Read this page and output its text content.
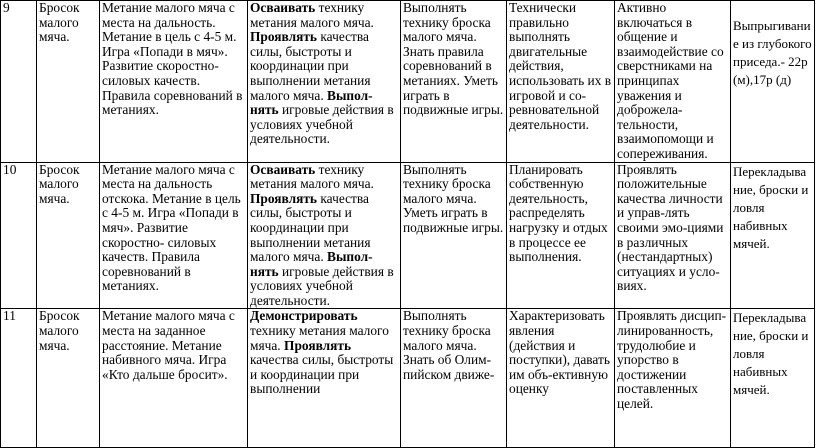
9	Бросок малого мяча.	Метание малого мяча с места на дальность. Метание в цель с 4-5 м. Игра «Попади в мяч». Развитие скоростно-силовых качеств. Правила соревнований в метаниях.	Осваивать технику метания малого мяча. Проявлять качества силы, быстроты и координации при выполнении метания малого мяча. Выпол-нять игровые действия в условиях учебной деятельности.	Выполнять технику броска малого мяча. Знать правила соревнований в метаниях. Уметь играть в подвижные игры.	Технически правильно выполнять двигательные действия, использовать их в игровой и со-ревновательной деятельности.	Активно включаться в общение и взаимодействие со сверстниками на принципах уважения и доброжела-тельности, взаимопомощи и сопереживания.	Выпрыгивание из глубокого приседа.- 22р (м),17р (д)
10	Бросок малого мяча.	Метание малого мяча с места на дальность отскока. Метание в цель с 4-5 м. Игра «Попади в мяч». Развитие скоростно- силовых качеств. Правила соревнований в метаниях.	Осваивать технику метания малого мяча. Проявлять качества силы, быстроты и координации при выполнении метания малого мяча. Выпол-нять игровые действия в условиях учебной деятельности.	Выполнять технику броска малого мяча. Уметь играть в подвижные игры.	Планировать собственную деятельность, распределять нагрузку и отдых в процессе ее выполнения.	Проявлять положительные качества личности и управ-лять своими эмо-циями в различных (нестандартных) ситуациях и усло-виях.	Перекладывание, броски и ловля набивных мячей.
11	Бросок малого мяча.	Метание малого мяча с места на заданное расстояние. Метание набивного мяча. Игра «Кто дальше бросит».	Демонстрировать технику метания малого мяча. Проявлять качества силы, быстроты и координации при выполнении	Выполнять технику броска малого мяча. Знать об Олим-пийском движе-	Характеризовать явления (действия и поступки), давать им объ-ективную оценку	Проявлять дисцип-линированность, трудолюбие и упорство в достижении поставленных целей.	Перекладывание, броски и ловля набивных мячей.
